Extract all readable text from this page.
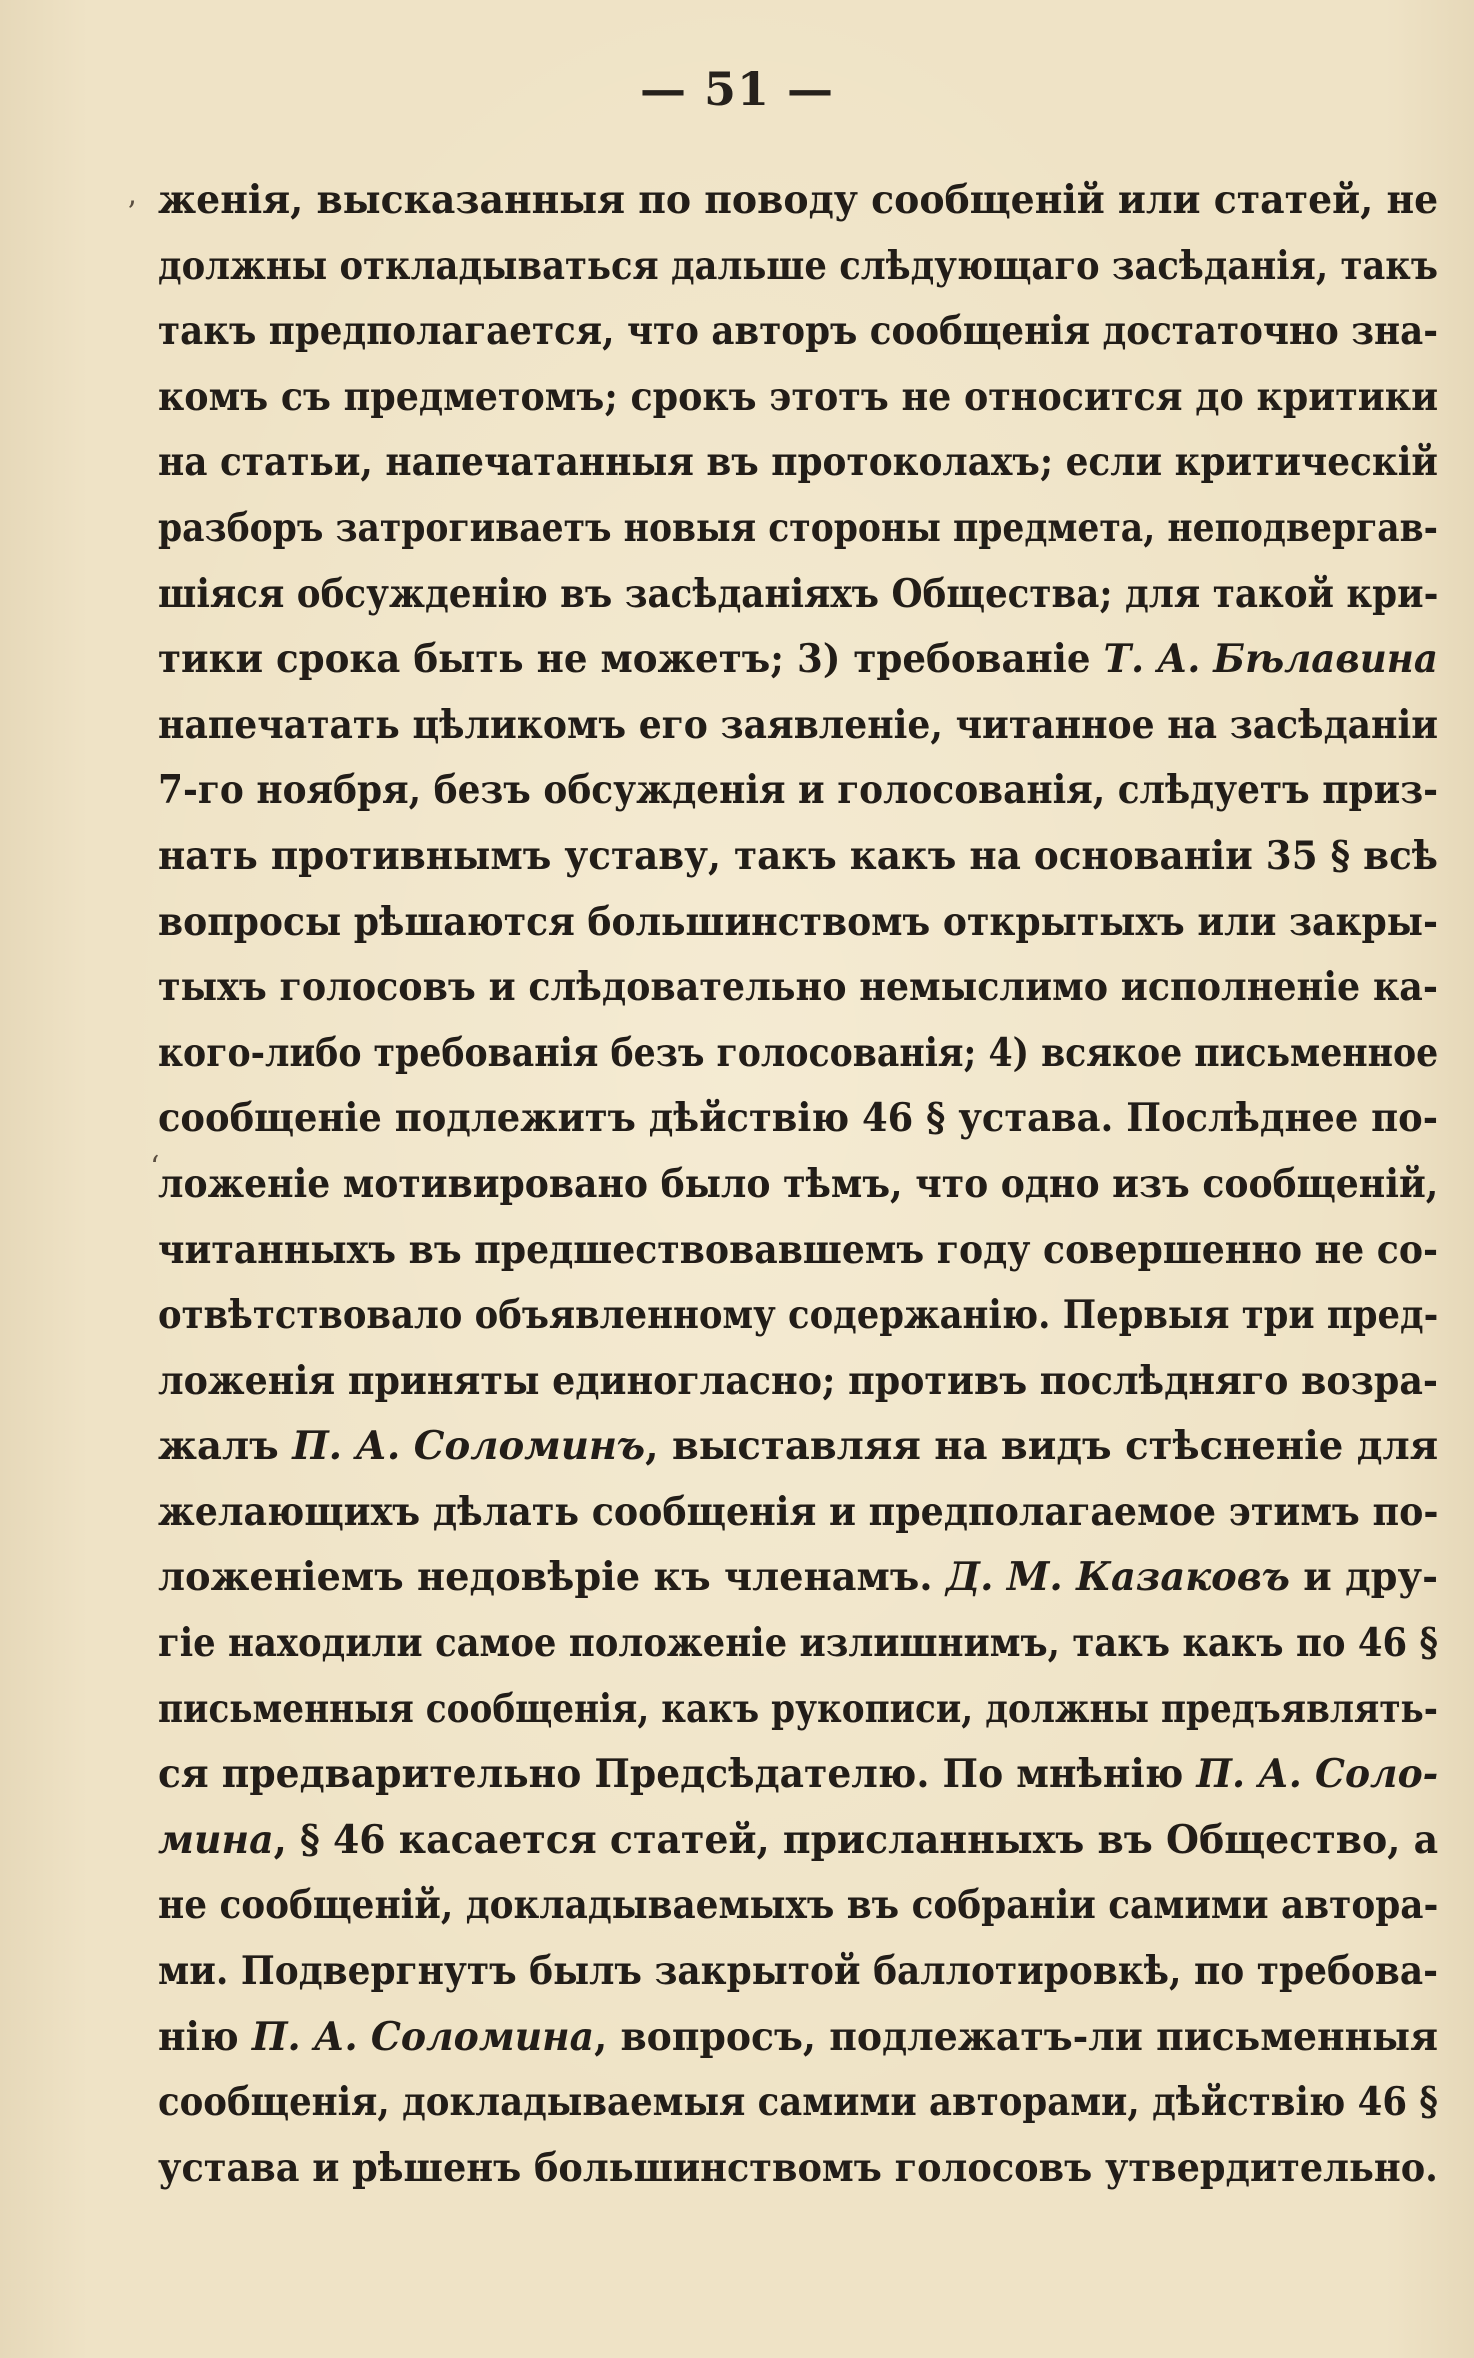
— 51 —
женія, высказанныя по поводу сообщеній или статей, не
должны откладываться дальше слѣдующаго засѣданія, такъ
такъ предполагается, что авторъ сообщенія достаточно зна-
комъ съ предметомъ; срокъ этотъ не относится до критики
на статьи, напечатанныя въ протоколахъ; если критическій
разборъ затрогиваетъ новыя стороны предмета, неподвергав-
шіяся обсужденію въ засѣданіяхъ Общества; для такой кри-
тики срока быть не можетъ; 3) требованіе Т. А. Бѣлавина
напечатать цѣликомъ его заявленіе, читанное на засѣданіи
7-го ноября, безъ обсужденія и голосованія, слѣдуетъ приз-
нать противнымъ уставу, такъ какъ на основаніи 35 § всѣ
вопросы рѣшаются большинствомъ открытыхъ или закры-
тыхъ голосовъ и слѣдовательно немыслимо исполненіе ка-
кого-либо требованія безъ голосованія; 4) всякое письменное
сообщеніе подлежитъ дѣйствію 46 § устава. Послѣднее по-
ложеніе мотивировано было тѣмъ, что одно изъ сообщеній,
читанныхъ въ предшествовавшемъ году совершенно не со-
отвѣтствовало объявленному содержанію. Первыя три пред-
ложенія приняты единогласно; противъ послѣдняго возра-
жалъ П. А. Соломинъ, выставляя на видъ стѣсненіе для
желающихъ дѣлать сообщенія и предполагаемое этимъ по-
ложеніемъ недовѣріе къ членамъ. Д. М. Казаковъ и дру-
гіе находили самое положеніе излишнимъ, такъ какъ по 46 §
письменныя сообщенія, какъ рукописи, должны предъявлять-
ся предварительно Предсѣдателю. По мнѣнію П. А. Соло-
мина, § 46 касается статей, присланныхъ въ Общество, а
не сообщеній, докладываемыхъ въ собраніи самими автора-
ми. Подвергнутъ былъ закрытой баллотировкѣ, по требова-
нію П. А. Соломина, вопросъ, подлежатъ-ли письменныя
сообщенія, докладываемыя самими авторами, дѣйствію 46 §
устава и рѣшенъ большинствомъ голосовъ утвердительно.
ʼ
ʻ
